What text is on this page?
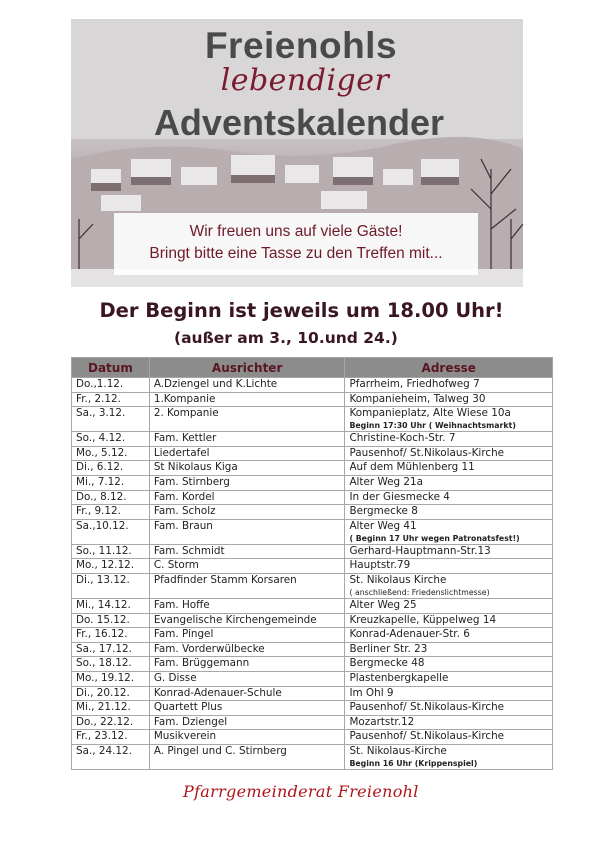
Freienohls
lebendiger
Adventskalender
Wir freuen uns auf viele Gäste!
Bringt bitte eine Tasse zu den Treffen mit...
Der Beginn ist jeweils um 18.00 Uhr!
(außer am 3., 10.und 24.)
Datum	Ausrichter	Adresse
Do.,1.12.	A.Dziengel und K.Lichte	Pfarrheim, Friedhofweg 7
Fr., 2.12.	1.Kompanie	Kompanieheim, Talweg 30
Sa., 3.12.	2. Kompanie	Kompanieplatz, Alte Wiese 10a
Beginn 17:30 Uhr ( Weihnachtsmarkt)

So., 4.12.	Fam. Kettler	Christine-Koch-Str. 7
Mo., 5.12.	Liedertafel	Pausenhof/ St.Nikolaus-Kirche
Di., 6.12.	St Nikolaus Kiga	Auf dem Mühlenberg 11
Mi., 7.12.	Fam. Stirnberg	Alter Weg 21a
Do., 8.12.	Fam. Kordel	In der Giesmecke 4
Fr., 9.12.	Fam. Scholz	Bergmecke 8
Sa.,10.12.	Fam. Braun	Alter Weg 41
( Beginn 17 Uhr wegen Patronatsfest!)

So., 11.12.	Fam. Schmidt	Gerhard-Hauptmann-Str.13
Mo., 12.12.	C. Storm	Hauptstr.79
Di., 13.12.	Pfadfinder Stamm Korsaren	St. Nikolaus Kirche
( anschließend: Friedenslichtmesse)

Mi., 14.12.	Fam. Hoffe	Alter Weg 25
Do. 15.12.	Evangelische Kirchengemeinde	Kreuzkapelle, Küppelweg 14
Fr., 16.12.	Fam. Pingel	Konrad-Adenauer-Str. 6
Sa., 17.12.	Fam. Vorderwülbecke	Berliner Str. 23
So., 18.12.	Fam. Brüggemann	Bergmecke 48
Mo., 19.12.	G. Disse	Plastenbergkapelle
Di., 20.12.	Konrad-Adenauer-Schule	Im Ohl 9
Mi., 21.12.	Quartett Plus	Pausenhof/ St.Nikolaus-Kirche
Do., 22.12.	Fam. Dziengel	Mozartstr.12
Fr., 23.12.	Musikverein	Pausenhof/ St.Nikolaus-Kirche
Sa., 24.12.	A. Pingel und C. Stirnberg	St. Nikolaus-Kirche
Beginn 16 Uhr (Krippenspiel)
Pfarrgemeinderat Freienohl
